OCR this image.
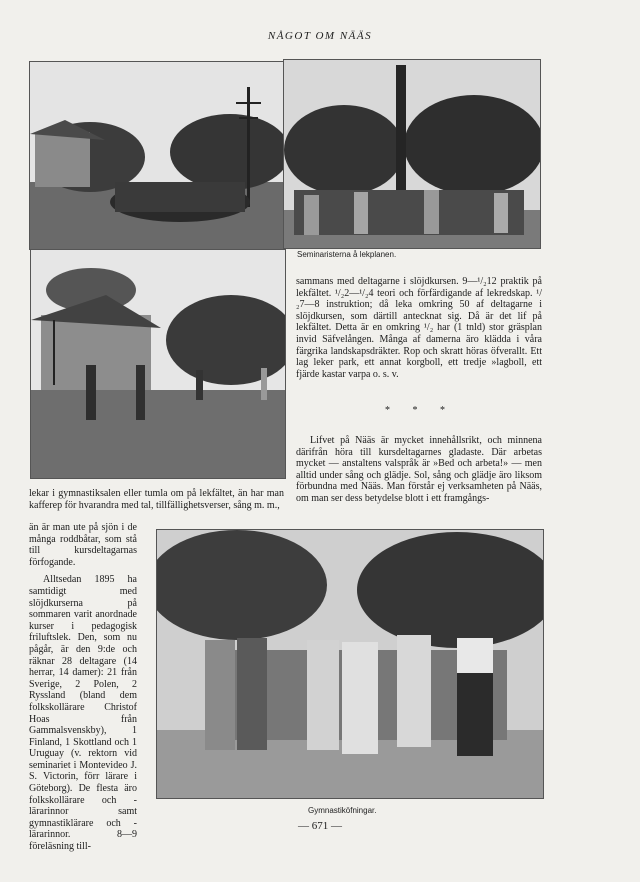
NÅGOT OM NÄÄS
Seminaristerna å lekplanen.
Gymnastiköfningar.

sammans med deltagarne i slöjdkursen. 9—¹/₂12 praktik på lekfältet. ¹/₂2—¹/₂4 teori och förfärdigande af lekredskap. ¹/₂7—8 instruktion; då leka omkring 50 af deltagarne i slöjdkursen, som därtill antecknat sig. Då är det lif på lekfältet. Detta är en omkring ¹/₂ har (1 tnld) stor gräsplan invid Säfvelången. Många af damerna äro klädda i våra färgrika landskapsdräkter. Rop och skratt höras öfverallt. Ett lag leker park, ett annat korgboll, ett tredje »lagboll, ett fjärde kastar varpa o. s. v.

* * *

Lifvet på Nääs är mycket innehållsrikt, och minnena därifrån höra till kursdeltagarnes gladaste. Där arbetas mycket — anstaltens valspråk är »Bed och arbeta!» — men alltid under sång och glädje. Sol, sång och glädje äro liksom förbundna med Nääs. Man förstår ej verksamheten på Nääs, om man ser dess betydelse blott i ett framgångs-

lekar i gymnastiksalen eller tumla om på lekfältet, än har man kafferep för hvarandra med tal, tillfällighetsverser, sång m. m.,

än är man ute på sjön i de många roddbåtar, som stå till kursdeltagarnas förfogande.

Alltsedan 1895 ha samtidigt med slöjdkurserna på sommaren varit anordnade kurser i pedagogisk friluftslek. Den, som nu pågår, är den 9:de och räknar 28 deltagare (14 herrar, 14 damer): 21 från Sverige, 2 Polen, 2 Ryssland (bland dem folkskollärare Christof Hoas från Gammalsvenskby), 1 Finland, 1 Skottland och 1 Uruguay (v. rektorn vid seminariet i Montevideo J. S. Victorin, förr lärare i Göteborg). De flesta äro folkskollärare och -lärarinnor samt gymnastiklärare och -lärarinnor. 8—9 föreläsning till-

— 671 —
